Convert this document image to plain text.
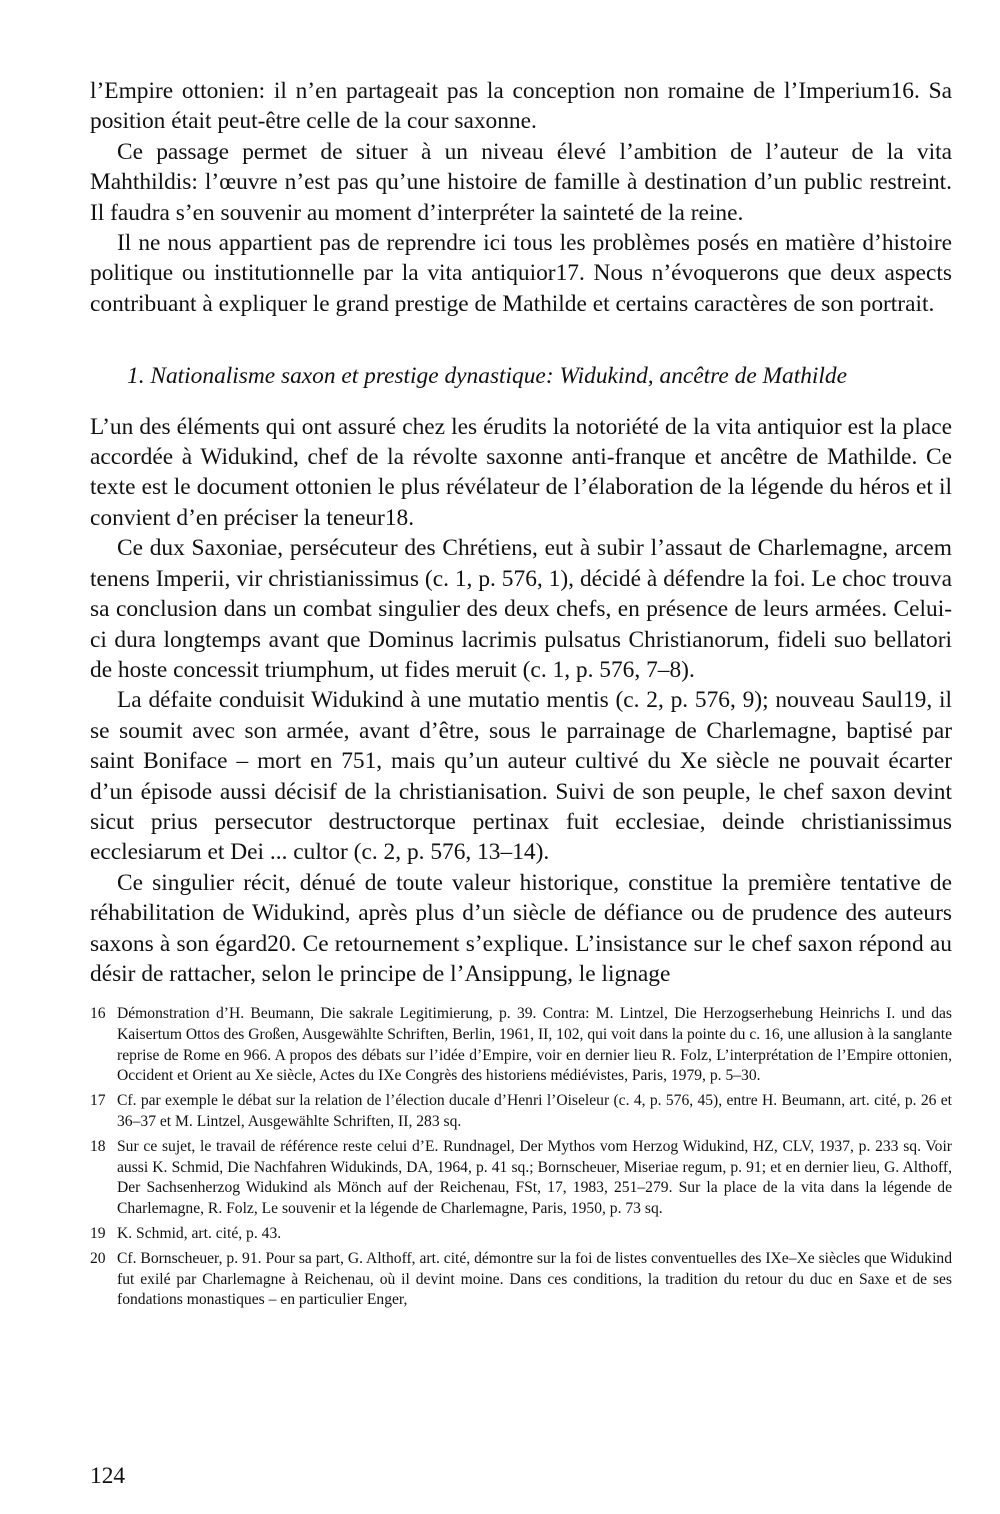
l’Empire ottonien: il n’en partageait pas la conception non romaine de l’Imperium16. Sa position était peut-être celle de la cour saxonne.

Ce passage permet de situer à un niveau élevé l’ambition de l’auteur de la vita Mahthildis: l’œuvre n’est pas qu’une histoire de famille à destination d’un public restreint. Il faudra s’en souvenir au moment d’interpréter la sainteté de la reine.

Il ne nous appartient pas de reprendre ici tous les problèmes posés en matière d’histoire politique ou institutionnelle par la vita antiquior17. Nous n’évoquerons que deux aspects contribuant à expliquer le grand prestige de Mathilde et certains caractères de son portrait.

1. Nationalisme saxon et prestige dynastique: Widukind, ancêtre de Mathilde

L’un des éléments qui ont assuré chez les érudits la notoriété de la vita antiquior est la place accordée à Widukind, chef de la révolte saxonne anti-franque et ancêtre de Mathilde. Ce texte est le document ottonien le plus révélateur de l’élaboration de la légende du héros et il convient d’en préciser la teneur18.

Ce dux Saxoniae, persécuteur des Chrétiens, eut à subir l’assaut de Charlemagne, arcem tenens Imperii, vir christianissimus (c. 1, p. 576, 1), décidé à défendre la foi. Le choc trouva sa conclusion dans un combat singulier des deux chefs, en présence de leurs armées. Celui-ci dura longtemps avant que Dominus lacrimis pulsatus Christianorum, fideli suo bellatori de hoste concessit triumphum, ut fides meruit (c. 1, p. 576, 7–8).

La défaite conduisit Widukind à une mutatio mentis (c. 2, p. 576, 9); nouveau Saul19, il se soumit avec son armée, avant d’être, sous le parrainage de Charlemagne, baptisé par saint Boniface – mort en 751, mais qu’un auteur cultivé du Xe siècle ne pouvait écarter d’un épisode aussi décisif de la christianisation. Suivi de son peuple, le chef saxon devint sicut prius persecutor destructorque pertinax fuit ecclesiae, deinde christianissimus ecclesiarum et Dei ... cultor (c. 2, p. 576, 13–14).

Ce singulier récit, dénué de toute valeur historique, constitue la première tentative de réhabilitation de Widukind, après plus d’un siècle de défiance ou de prudence des auteurs saxons à son égard20. Ce retournement s’explique. L’insistance sur le chef saxon répond au désir de rattacher, selon le principe de l’Ansippung, le lignage

16 Démonstration d’H. Beumann, Die sakrale Legitimierung, p. 39. Contra: M. Lintzel, Die Herzogserhebung Heinrichs I. und das Kaisertum Ottos des Großen, Ausgewählte Schriften, Berlin, 1961, II, 102, qui voit dans la pointe du c. 16, une allusion à la sanglante reprise de Rome en 966. A propos des débats sur l’idée d’Empire, voir en dernier lieu R. Folz, L’interprétation de l’Empire ottonien, Occident et Orient au Xe siècle, Actes du IXe Congrès des historiens médiévistes, Paris, 1979, p. 5–30.
17 Cf. par exemple le débat sur la relation de l’élection ducale d’Henri l’Oiseleur (c. 4, p. 576, 45), entre H. Beumann, art. cité, p. 26 et 36–37 et M. Lintzel, Ausgewählte Schriften, II, 283 sq.
18 Sur ce sujet, le travail de référence reste celui d’E. Rundnagel, Der Mythos vom Herzog Widukind, HZ, CLV, 1937, p. 233 sq. Voir aussi K. Schmid, Die Nachfahren Widukinds, DA, 1964, p. 41 sq.; Bornscheuer, Miseriae regum, p. 91; et en dernier lieu, G. Althoff, Der Sachsenherzog Widukind als Mönch auf der Reichenau, FSt, 17, 1983, 251–279. Sur la place de la vita dans la légende de Charlemagne, R. Folz, Le souvenir et la légende de Charlemagne, Paris, 1950, p. 73 sq.
19 K. Schmid, art. cité, p. 43.
20 Cf. Bornscheuer, p. 91. Pour sa part, G. Althoff, art. cité, démontre sur la foi de listes conventuelles des IXe–Xe siècles que Widukind fut exilé par Charlemagne à Reichenau, où il devint moine. Dans ces conditions, la tradition du retour du duc en Saxe et de ses fondations monastiques – en particulier Enger,
124
